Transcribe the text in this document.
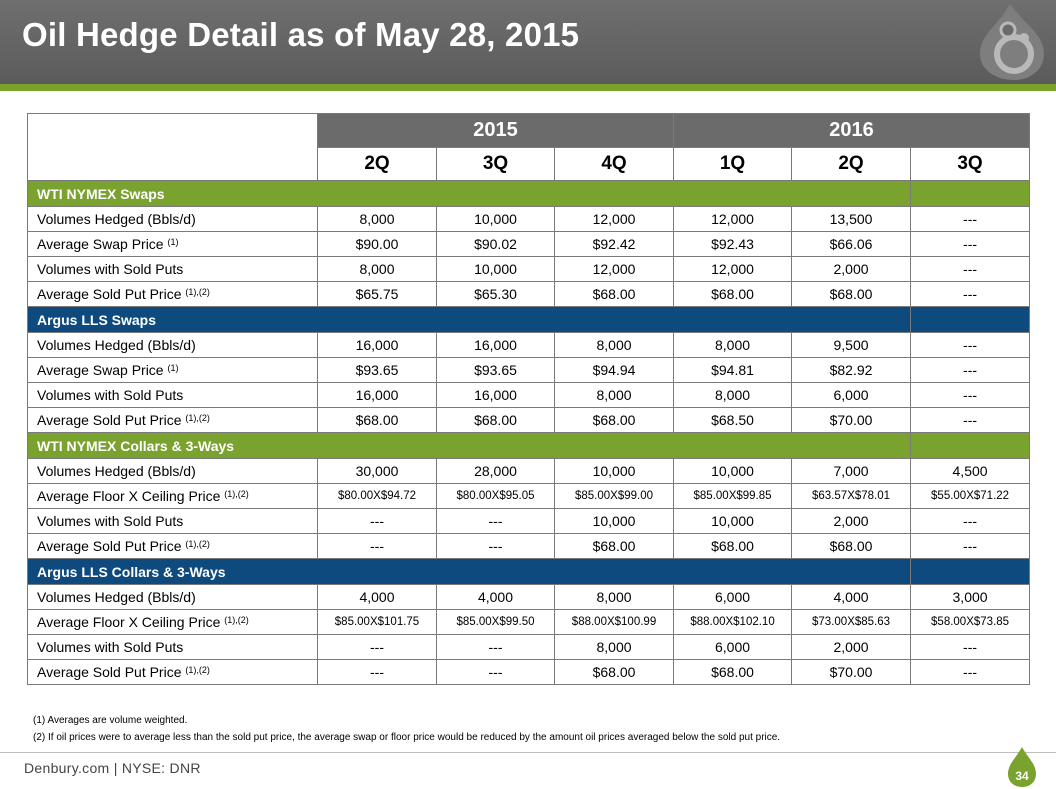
Oil Hedge Detail as of May 28, 2015
	2015			2016		
	2Q	3Q	4Q	1Q	2Q	3Q
WTI NYMEX Swaps						
Volumes Hedged (Bbls/d)	8,000	10,000	12,000	12,000	13,500	---
Average Swap Price $^{(1)}$	$90.00	$90.02	$92.42	$92.43	$66.06	---
Volumes with Sold Puts	8,000	10,000	12,000	12,000	2,000	---
Average Sold Put Price $^{(1),(2)}$	$65.75	$65.30	$68.00	$68.00	$68.00	---
Argus LLS Swaps						
Volumes Hedged (Bbls/d)	16,000	16,000	8,000	8,000	9,500	---
Average Swap Price $^{(1)}$	$93.65	$93.65	$94.94	$94.81	$82.92	---
Volumes with Sold Puts	16,000	16,000	8,000	8,000	6,000	---
Average Sold Put Price $^{(1),(2)}$	$68.00	$68.00	$68.00	$68.50	$70.00	---
WTI NYMEX Collars & 3-Ways						
Volumes Hedged (Bbls/d)	30,000	28,000	10,000	10,000	7,000	4,500
Average Floor X Ceiling Price $^{(1),(2)}$	$80.00X$94.72	$80.00X$95.05	$85.00X$99.00	$85.00X$99.85	$63.57X$78.01	$55.00X$71.22
Volumes with Sold Puts	---	---	10,000	10,000	2,000	---
Average Sold Put Price $^{(1),(2)}$	---	---	$68.00	$68.00	$68.00	---
Argus LLS Collars & 3-Ways						
Volumes Hedged (Bbls/d)	4,000	4,000	8,000	6,000	4,000	3,000
Average Floor X Ceiling Price $^{(1),(2)}$	$85.00X$101.75	$85.00X$99.50	$88.00X$100.99	$88.00X$102.10	$73.00X$85.63	$58.00X$73.85
Volumes with Sold Puts	---	---	8,000	6,000	2,000	---
Average Sold Put Price $^{(1),(2)}$	---	---	$68.00	$68.00	$70.00	---
(1) Averages are volume weighted.
(2) If oil prices were to average less than the sold put price, the average swap or floor price would be reduced by the amount oil prices averaged below the sold put price.
Denbury.com | NYSE: DNR	34
